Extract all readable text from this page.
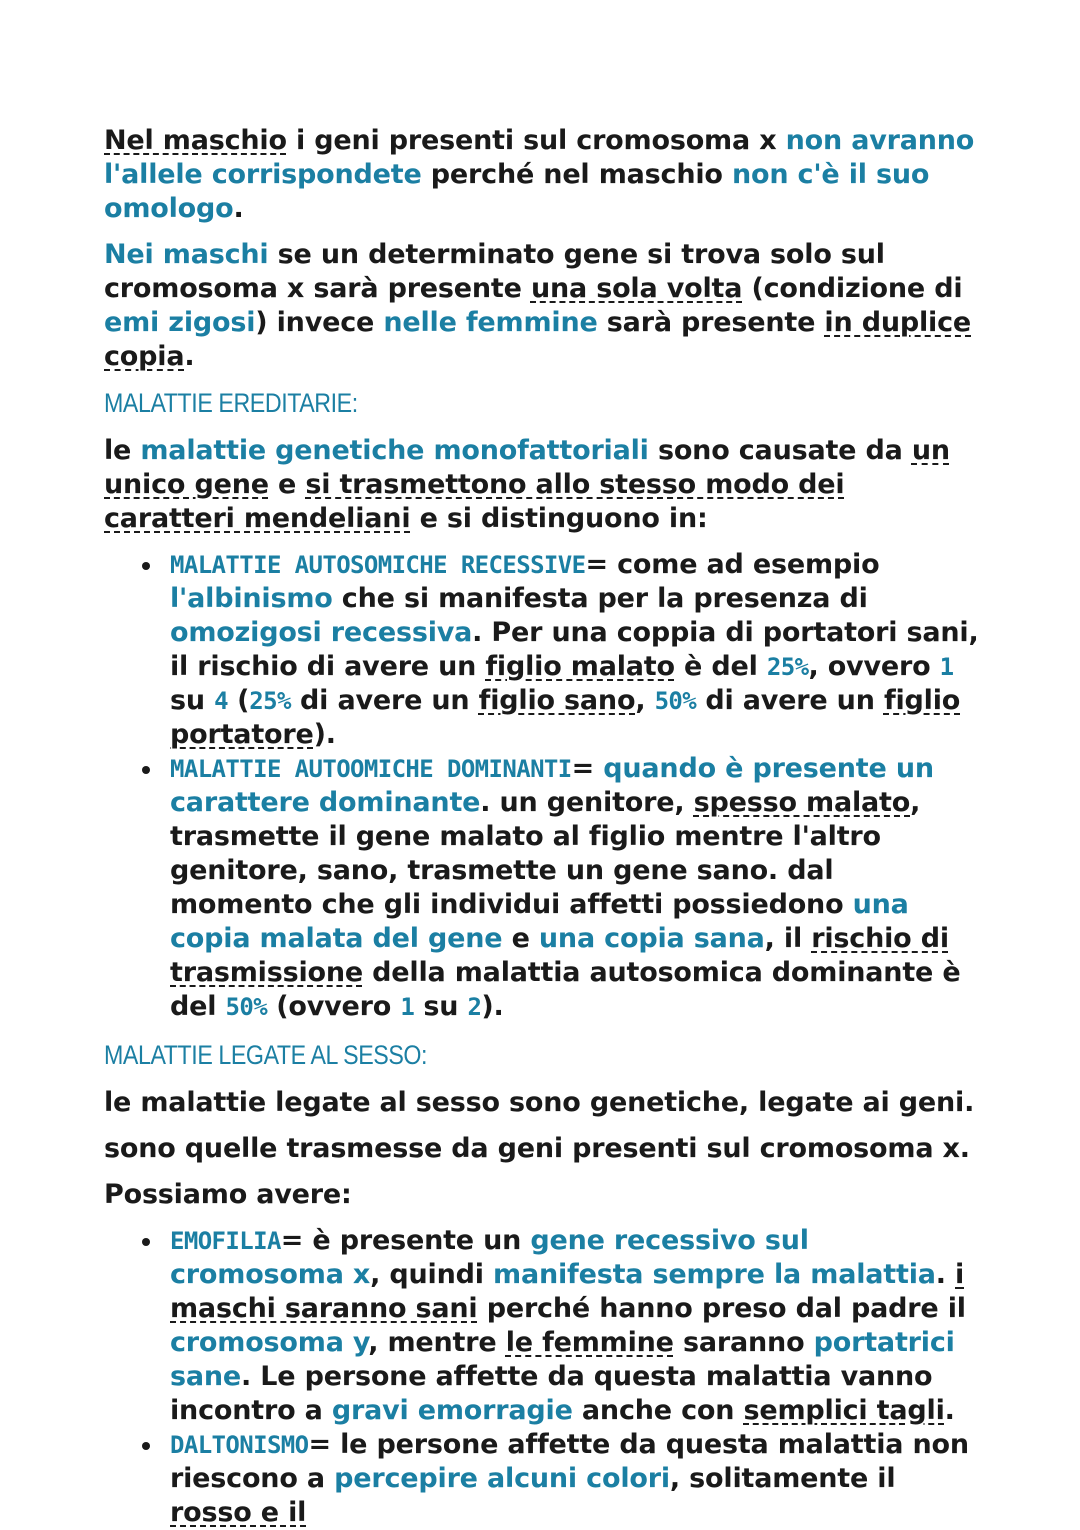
Nel maschio i geni presenti sul cromosoma x non avranno l'allele corrispondete perché nel maschio non c'è il suo omologo.

Nei maschi se un determinato gene si trova solo sul cromosoma x sarà presente una sola volta (condizione di emi zigosi) invece nelle femmine sarà presente in duplice copia.

MALATTIE EREDITARIE:

le malattie genetiche monofattoriali sono causate da un unico gene e si trasmettono allo stesso modo dei caratteri mendeliani e si distinguono in:

MALATTIE AUTOSOMICHE RECESSIVE= come ad esempio l'albinismo che si manifesta per la presenza di omozigosi recessiva. Per una coppia di portatori sani, il rischio di avere un figlio malato è del 25%, ovvero 1 su 4 (25% di avere un figlio sano, 50% di avere un figlio portatore).
MALATTIE AUTOOMICHE DOMINANTI= quando è presente un carattere dominante. un genitore, spesso malato, trasmette il gene malato al figlio mentre l'altro genitore, sano, trasmette un gene sano. dal momento che gli individui affetti possiedono una copia malata del gene e una copia sana, il rischio di trasmissione della malattia autosomica dominante è del 50% (ovvero 1 su 2).
MALATTIE LEGATE AL SESSO:

le malattie legate al sesso sono genetiche, legate ai geni.

sono quelle trasmesse da geni presenti sul cromosoma x.

Possiamo avere:

EMOFILIA= è presente un gene recessivo sul cromosoma x, quindi manifesta sempre la malattia. i maschi saranno sani perché hanno preso dal padre il cromosoma y, mentre le femmine saranno portatrici sane. Le persone affette da questa malattia vanno incontro a gravi emorragie anche con semplici tagli.
DALTONISMO= le persone affette da questa malattia non riescono a percepire alcuni colori, solitamente il rosso e il
